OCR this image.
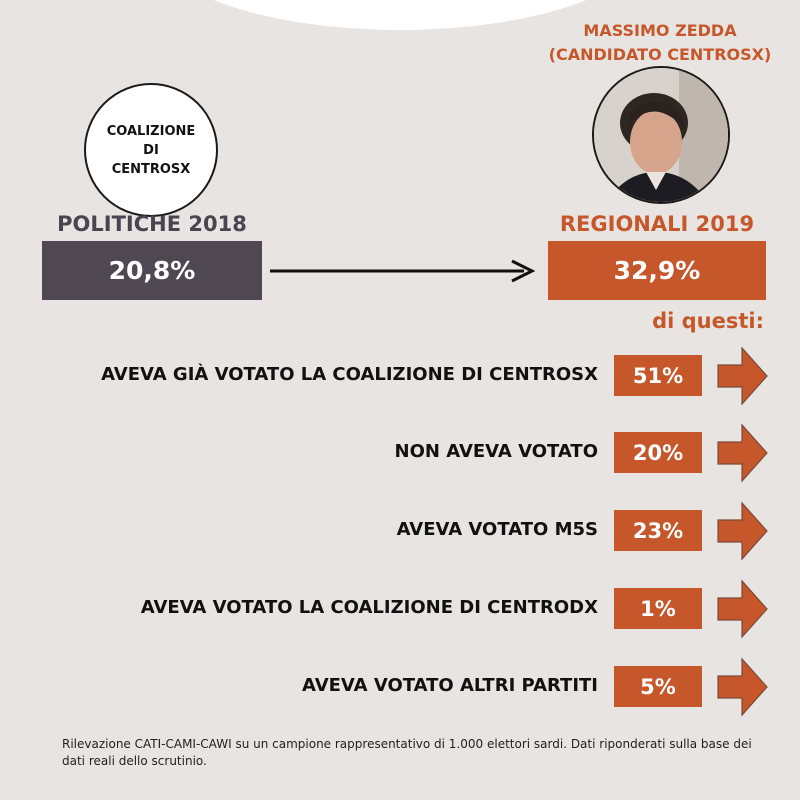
MASSIMO ZEDDA
(CANDIDATO CENTROSX)
COALIZIONE
DI
CENTROSX
POLITICHE 2018	REGIONALI 2019
20,8%	32,9%
di questi:
AVEVA GIÀ VOTATO LA COALIZIONE DI CENTROSX 51%
NON AVEVA VOTATO 20%
AVEVA VOTATO M5S 23%
AVEVA VOTATO LA COALIZIONE DI CENTRODX 1%
AVEVA VOTATO ALTRI PARTITI 5%
Rilevazione CATI-CAMI-CAWI su un campione rappresentativo di 1.000 elettori sardi. Dati riponderati sulla base dei dati reali dello scrutinio.
